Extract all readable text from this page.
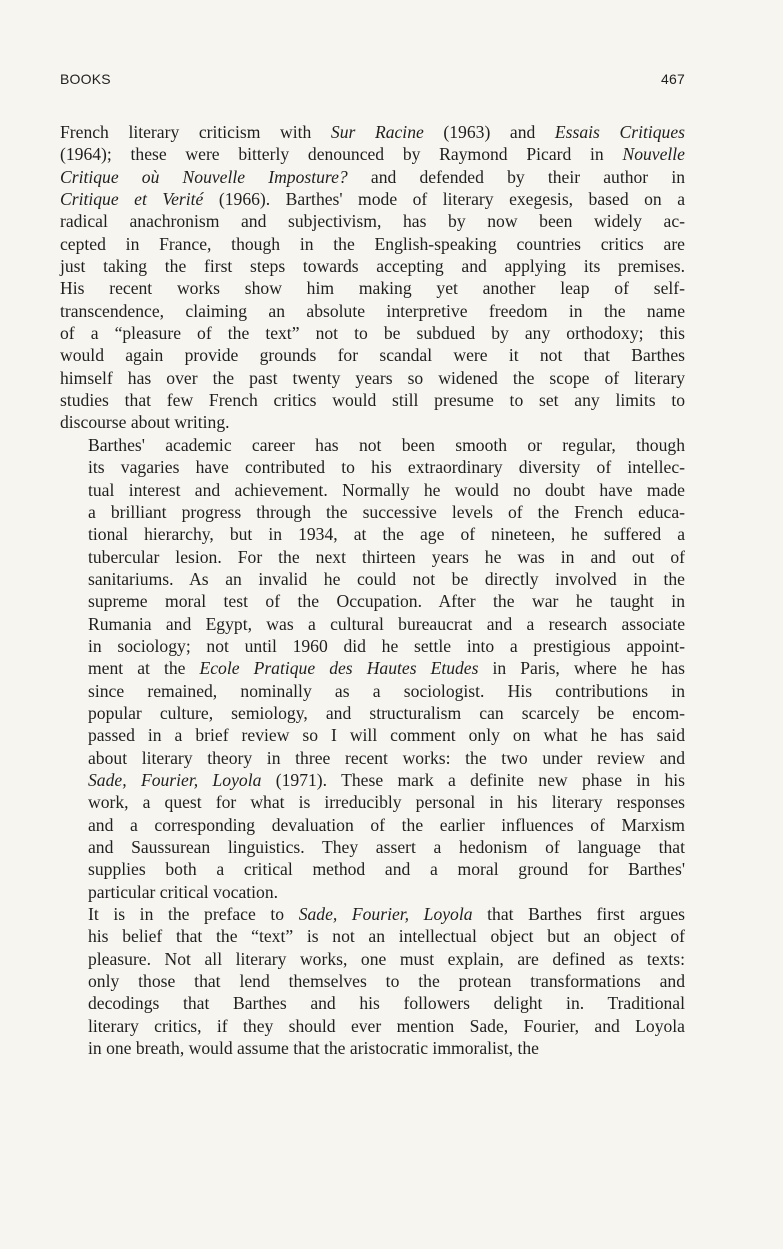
BOOKS	467
French literary criticism with Sur Racine (1963) and Essais Critiques
(1964); these were bitterly denounced by Raymond Picard in Nouvelle
Critique où Nouvelle Imposture? and defended by their author in
Critique et Verité (1966). Barthes' mode of literary exegesis, based on a
radical anachronism and subjectivism, has by now been widely ac-
cepted in France, though in the English-speaking countries critics are
just taking the first steps towards accepting and applying its premises.
His recent works show him making yet another leap of self-
transcendence, claiming an absolute interpretive freedom in the name
of a “pleasure of the text” not to be subdued by any orthodoxy; this
would again provide grounds for scandal were it not that Barthes
himself has over the past twenty years so widened the scope of literary
studies that few French critics would still presume to set any limits to
discourse about writing.
Barthes' academic career has not been smooth or regular, though
its vagaries have contributed to his extraordinary diversity of intellec-
tual interest and achievement. Normally he would no doubt have made
a brilliant progress through the successive levels of the French educa-
tional hierarchy, but in 1934, at the age of nineteen, he suffered a
tubercular lesion. For the next thirteen years he was in and out of
sanitariums. As an invalid he could not be directly involved in the
supreme moral test of the Occupation. After the war he taught in
Rumania and Egypt, was a cultural bureaucrat and a research associate
in sociology; not until 1960 did he settle into a prestigious appoint-
ment at the Ecole Pratique des Hautes Etudes in Paris, where he has
since remained, nominally as a sociologist. His contributions in
popular culture, semiology, and structuralism can scarcely be encom-
passed in a brief review so I will comment only on what he has said
about literary theory in three recent works: the two under review and
Sade, Fourier, Loyola (1971). These mark a definite new phase in his
work, a quest for what is irreducibly personal in his literary responses
and a corresponding devaluation of the earlier influences of Marxism
and Saussurean linguistics. They assert a hedonism of language that
supplies both a critical method and a moral ground for Barthes'
particular critical vocation.
It is in the preface to Sade, Fourier, Loyola that Barthes first argues
his belief that the “text” is not an intellectual object but an object of
pleasure. Not all literary works, one must explain, are defined as texts:
only those that lend themselves to the protean transformations and
decodings that Barthes and his followers delight in. Traditional
literary critics, if they should ever mention Sade, Fourier, and Loyola
in one breath, would assume that the aristocratic immoralist, the
